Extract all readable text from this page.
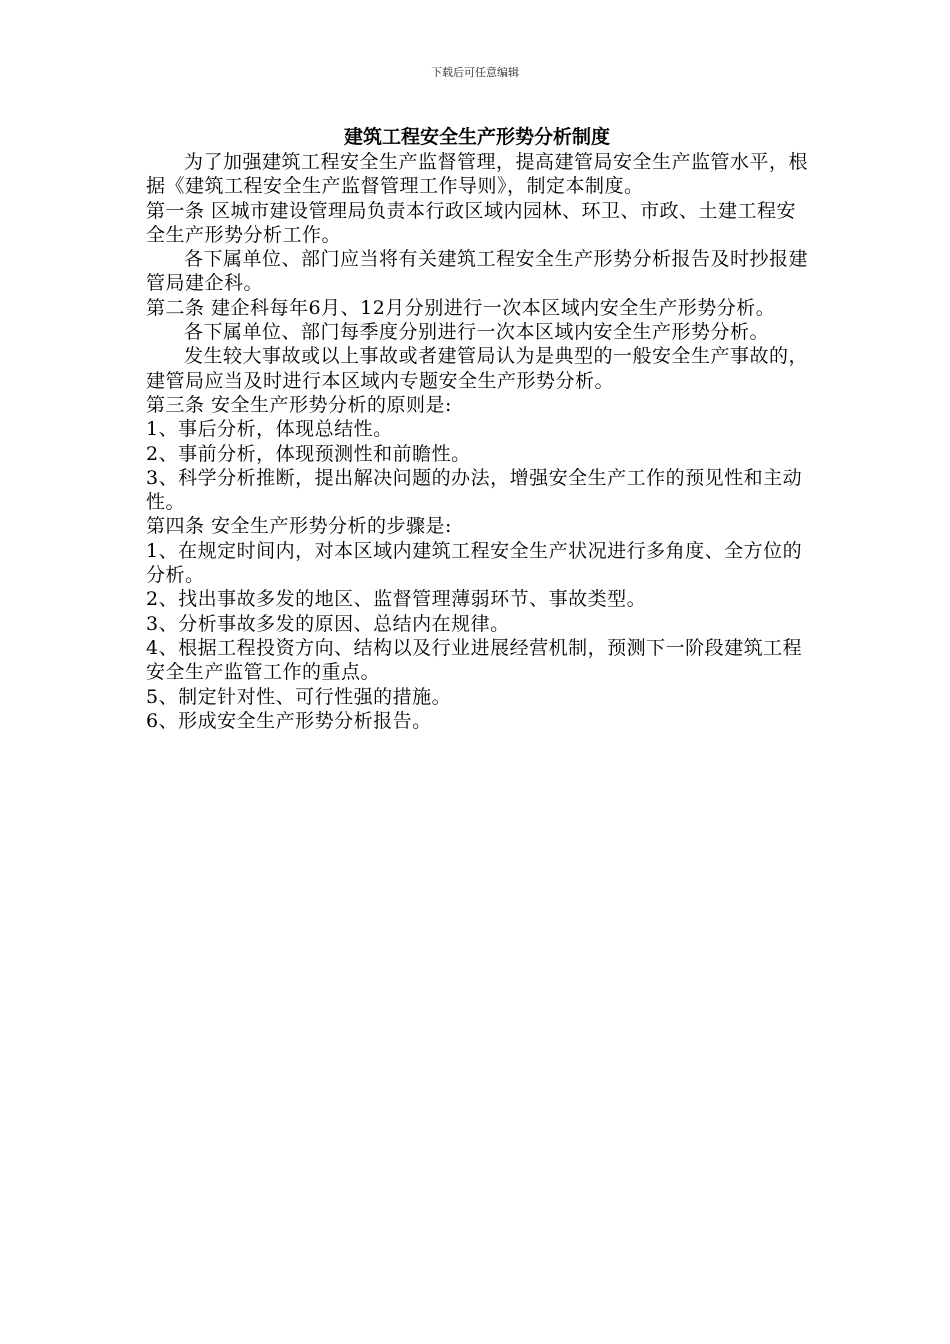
下载后可任意编辑
建筑工程安全生产形势分析制度

为了加强建筑工程安全生产监督管理，提高建管局安全生产监管水平，根据《建筑工程安全生产监督管理工作导则》，制定本制度。

第一条 区城市建设管理局负责本行政区域内园林、环卫、市政、土建工程安全生产形势分析工作。

各下属单位、部门应当将有关建筑工程安全生产形势分析报告及时抄报建管局建企科。

第二条 建企科每年6月、12月分别进行一次本区域内安全生产形势分析。

各下属单位、部门每季度分别进行一次本区域内安全生产形势分析。

发生较大事故或以上事故或者建管局认为是典型的一般安全生产事故的，建管局应当及时进行本区域内专题安全生产形势分析。

第三条 安全生产形势分析的原则是:

1、事后分析，体现总结性。

2、事前分析，体现预测性和前瞻性。

3、科学分析推断，提出解决问题的办法，增强安全生产工作的预见性和主动性。

第四条 安全生产形势分析的步骤是:

1、在规定时间内，对本区域内建筑工程安全生产状况进行多角度、全方位的分析。

2、找出事故多发的地区、监督管理薄弱环节、事故类型。

3、分析事故多发的原因、总结内在规律。

4、根据工程投资方向、结构以及行业进展经营机制，预测下一阶段建筑工程安全生产监管工作的重点。

5、制定针对性、可行性强的措施。

6、形成安全生产形势分析报告。
